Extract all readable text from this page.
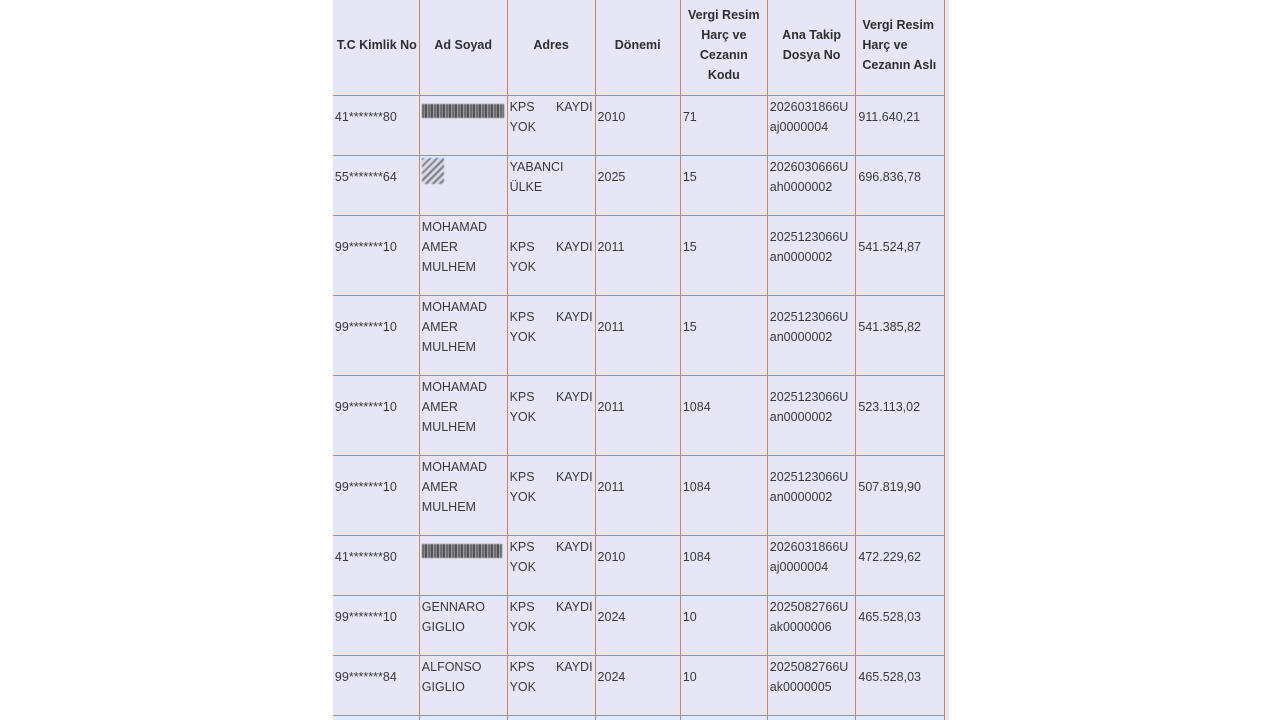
T.C Kimlik No	Ad Soyad	Adres	Dönemi	Vergi Resim Harç ve Cezanın Kodu	Ana Takip Dosya No	Vergi Resim Harç ve Cezanın Aslı

41*******80		KPS KAYDI
YOK	2010	71	2026031866U
aj0000004	911.640,21

55*******64		YABANCI
ÜLKE	2025	15	2026030666U
ah0000002	696.836,78

99*******10	MOHAMAD
AMER
MULHEM	KPS KAYDI
YOK	2011	15	2025123066U
an0000002	541.524,87

99*******10	MOHAMAD
AMER
MULHEM	KPS KAYDI
YOK	2011	15	2025123066U
an0000002	541.385,82

99*******10	MOHAMAD
AMER
MULHEM	KPS KAYDI
YOK	2011	1084	2025123066U
an0000002	523.113,02

99*******10	MOHAMAD
AMER
MULHEM	KPS KAYDI
YOK	2011	1084	2025123066U
an0000002	507.819,90

41*******80		KPS KAYDI
YOK	2010	1084	2026031866U
aj0000004	472.229,62

99*******10	GENNARO
GIGLIO	KPS KAYDI
YOK	2024	10	2025082766U
ak0000006	465.528,03

99*******84	ALFONSO
GIGLIO	KPS KAYDI
YOK	2024	10	2025082766U
ak0000005	465.528,03
